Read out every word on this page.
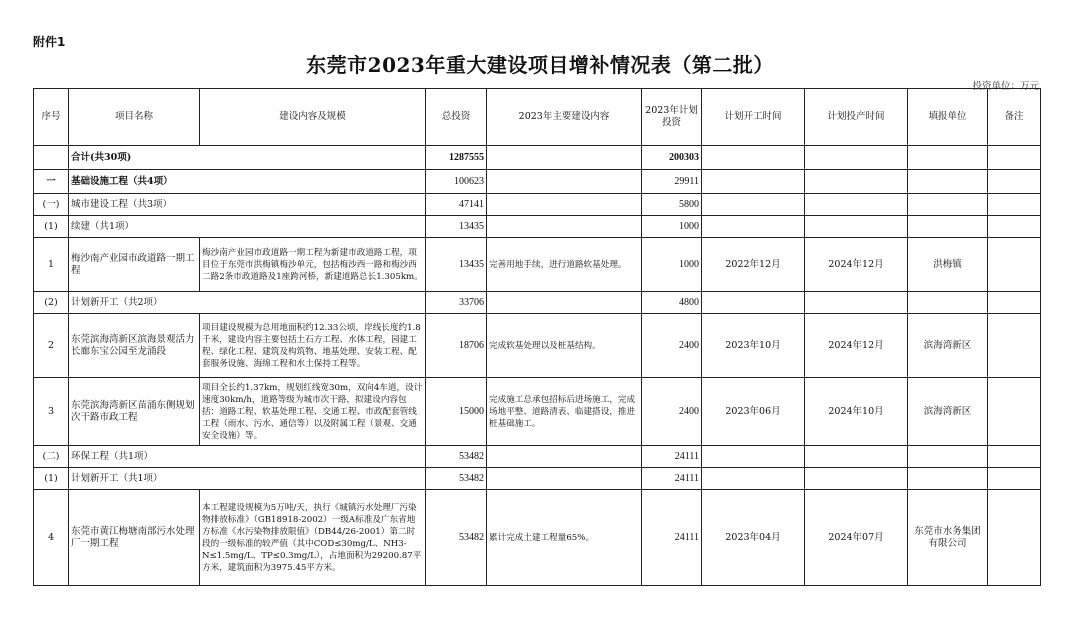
附件1
东莞市2023年重大建设项目增补情况表（第二批）
投资单位：万元
序号	项目名称	建设内容及规模	总投资	2023年主要建设内容	2023年计划投资	计划开工时间	计划投产时间	填报单位	备注
	合计(共30项)		1287555		200303				
一	基础设施工程（共4项）		100623		29911				
(一)	城市建设工程（共3项）		47141		5800				
(1)	续建（共1项）		13435		1000				
1	梅沙南产业园市政道路一期工程	梅沙南产业园市政道路一期工程为新建市政道路工程，项目位于东莞市洪梅镇梅沙单元，包括梅沙西一路和梅沙西二路2条市政道路及1座跨河桥，新建道路总长1.305km。	13435	完善用地手续，进行道路软基处理。	1000	2022年12月	2024年12月	洪梅镇	
(2)	计划新开工（共2项）		33706		4800				
2	东莞滨海湾新区滨海景观活力长廊东宝公园至龙涌段	项目建设规模为总用地面积约12.33公顷，岸线长度约1.8千米，建设内容主要包括土石方工程、水体工程，园建工程、绿化工程、建筑及构筑物、地基处理、安装工程、配套服务设施、海绵工程和水土保持工程等。	18706	完成软基处理以及桩基结构。	2400	2023年10月	2024年12月	滨海湾新区	
3	东莞滨海湾新区苗涌东侧规划次干路市政工程	项目全长约1.37km，规划红线宽30m，双向4车道，设计速度30km/h，道路等级为城市次干路，拟建设内容包括：道路工程、软基处理工程、交通工程、市政配套管线工程（雨水、污水、通信等）以及附属工程（景观、交通安全设施）等。	15000	完成施工总承包招标后进场施工，完成场地平整、道路清表、临建搭设，推进桩基础施工。	2400	2023年06月	2024年10月	滨海湾新区	
(二)	环保工程（共1项）		53482		24111				
(1)	计划新开工（共1项）		53482		24111				
4	东莞市黄江梅塘南部污水处理厂一期工程	本工程建设规模为5万吨/天，执行《城镇污水处理厂污染物排放标准》（GB18918-2002）一级A标准及广东省地方标准《水污染物排放限值》（DB44/26-2001）第二时段的一级标准的较严值（其中COD≤30mg/L、NH3-N≤1.5mg/L、TP≤0.3mg/L），占地面积为29200.87平方米，建筑面积为3975.45平方米。	53482	累计完成土建工程量65%。	24111	2023年04月	2024年07月	东莞市水务集团有限公司	
